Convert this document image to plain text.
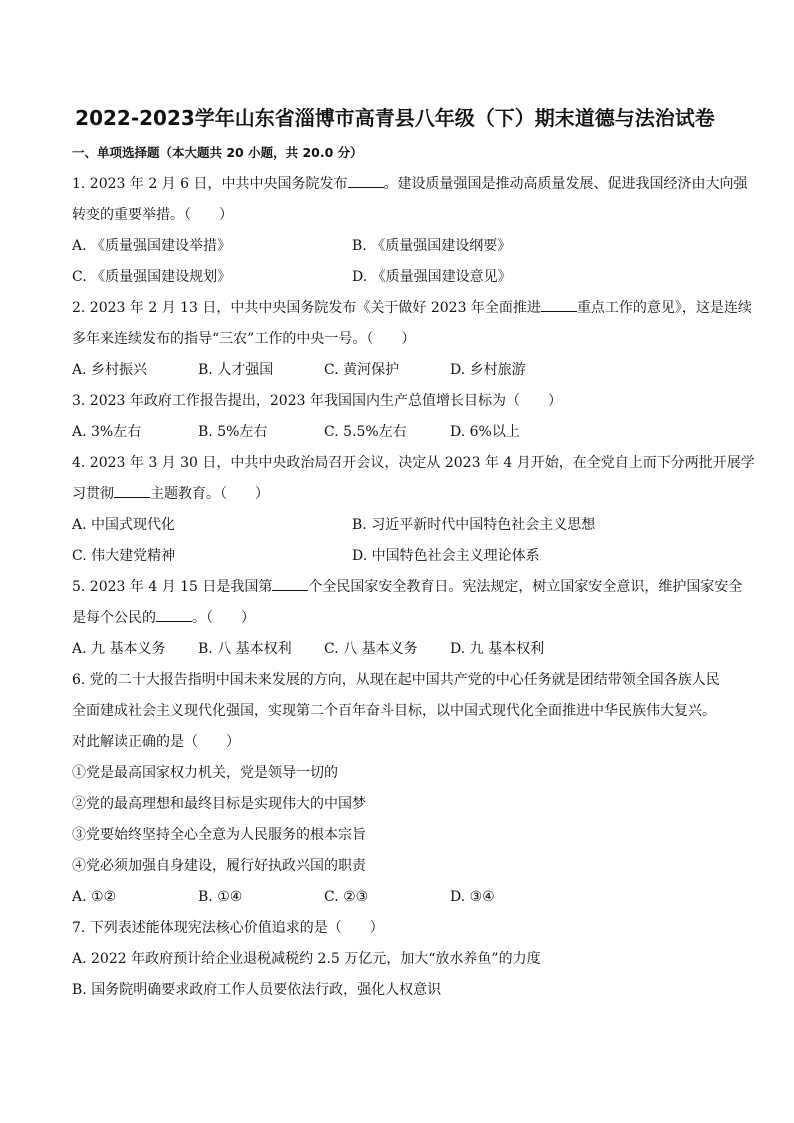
2022-2023学年山东省淄博市高青县八年级（下）期末道德与法治试卷
一、单项选择题（本大题共 20 小题，共 20.0 分）
1. 2023 年 2 月 6 日，中共中央国务院发布	。建设质量强国是推动高质量发展、促进我国经济由大向强
转变的重要举措。（　　）
A. 《质量强国建设举措》	B. 《质量强国建设纲要》
C. 《质量强国建设规划》	D. 《质量强国建设意见》
2. 2023 年 2 月 13 日，中共中央国务院发布《关于做好 2023 年全面推进	重点工作的意见》，这是连续
多年来连续发布的指导“三农”工作的中央一号。（　　）
A. 乡村振兴	B. 人才强国	C. 黄河保护	D. 乡村旅游
3. 2023 年政府工作报告提出，2023 年我国国内生产总值增长目标为（　　）
A. 3%左右	B. 5%左右	C. 5.5%左右	D. 6%以上
4. 2023 年 3 月 30 日，中共中央政治局召开会议，决定从 2023 年 4 月开始，在全党自上而下分两批开展学
习贯彻	主题教育。（　　）
A. 中国式现代化	B. 习近平新时代中国特色社会主义思想
C. 伟大建党精神	D. 中国特色社会主义理论体系
5. 2023 年 4 月 15 日是我国第	个全民国家安全教育日。宪法规定，树立国家安全意识，维护国家安全
是每个公民的	。（　　）
A. 九 基本义务	B. 八 基本权利	C. 八 基本义务	D. 九 基本权利
6. 党的二十大报告指明中国未来发展的方向，从现在起中国共产党的中心任务就是团结带领全国各族人民
全面建成社会主义现代化强国，实现第二个百年奋斗目标，以中国式现代化全面推进中华民族伟大复兴。
对此解读正确的是（　　）
①党是最高国家权力机关，党是领导一切的
②党的最高理想和最终目标是实现伟大的中国梦
③党要始终坚持全心全意为人民服务的根本宗旨
④党必须加强自身建设，履行好执政兴国的职责
A. ①②	B. ①④	C. ②③	D. ③④
7. 下列表述能体现宪法核心价值追求的是（　　）
A. 2022 年政府预计给企业退税减税约 2.5 万亿元，加大“放水养鱼”的力度
B. 国务院明确要求政府工作人员要依法行政，强化人权意识
